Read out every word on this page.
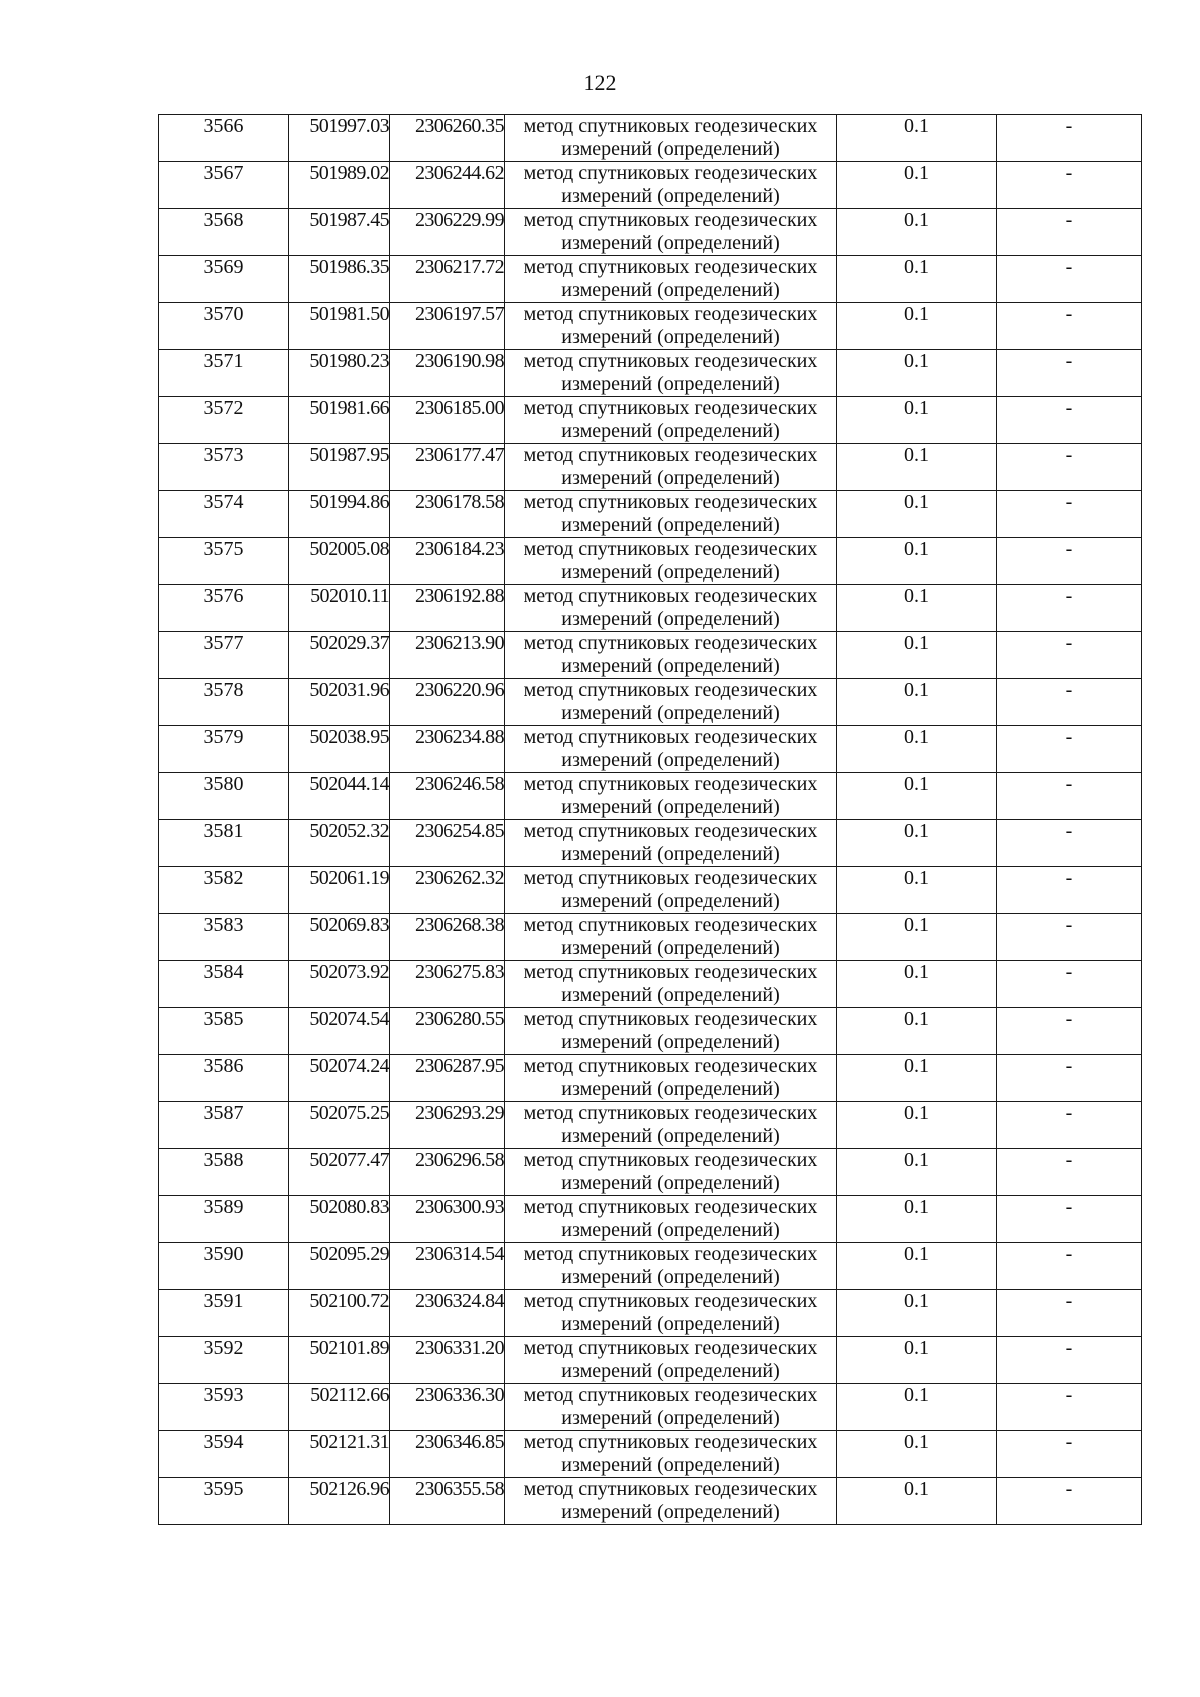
122
3566	501997.03	2306260.35	метод спутниковых геодезических
измерений (определений)	0.1	-
3567	501989.02	2306244.62	метод спутниковых геодезических
измерений (определений)	0.1	-
3568	501987.45	2306229.99	метод спутниковых геодезических
измерений (определений)	0.1	-
3569	501986.35	2306217.72	метод спутниковых геодезических
измерений (определений)	0.1	-
3570	501981.50	2306197.57	метод спутниковых геодезических
измерений (определений)	0.1	-
3571	501980.23	2306190.98	метод спутниковых геодезических
измерений (определений)	0.1	-
3572	501981.66	2306185.00	метод спутниковых геодезических
измерений (определений)	0.1	-
3573	501987.95	2306177.47	метод спутниковых геодезических
измерений (определений)	0.1	-
3574	501994.86	2306178.58	метод спутниковых геодезических
измерений (определений)	0.1	-
3575	502005.08	2306184.23	метод спутниковых геодезических
измерений (определений)	0.1	-
3576	502010.11	2306192.88	метод спутниковых геодезических
измерений (определений)	0.1	-
3577	502029.37	2306213.90	метод спутниковых геодезических
измерений (определений)	0.1	-
3578	502031.96	2306220.96	метод спутниковых геодезических
измерений (определений)	0.1	-
3579	502038.95	2306234.88	метод спутниковых геодезических
измерений (определений)	0.1	-
3580	502044.14	2306246.58	метод спутниковых геодезических
измерений (определений)	0.1	-
3581	502052.32	2306254.85	метод спутниковых геодезических
измерений (определений)	0.1	-
3582	502061.19	2306262.32	метод спутниковых геодезических
измерений (определений)	0.1	-
3583	502069.83	2306268.38	метод спутниковых геодезических
измерений (определений)	0.1	-
3584	502073.92	2306275.83	метод спутниковых геодезических
измерений (определений)	0.1	-
3585	502074.54	2306280.55	метод спутниковых геодезических
измерений (определений)	0.1	-
3586	502074.24	2306287.95	метод спутниковых геодезических
измерений (определений)	0.1	-
3587	502075.25	2306293.29	метод спутниковых геодезических
измерений (определений)	0.1	-
3588	502077.47	2306296.58	метод спутниковых геодезических
измерений (определений)	0.1	-
3589	502080.83	2306300.93	метод спутниковых геодезических
измерений (определений)	0.1	-
3590	502095.29	2306314.54	метод спутниковых геодезических
измерений (определений)	0.1	-
3591	502100.72	2306324.84	метод спутниковых геодезических
измерений (определений)	0.1	-
3592	502101.89	2306331.20	метод спутниковых геодезических
измерений (определений)	0.1	-
3593	502112.66	2306336.30	метод спутниковых геодезических
измерений (определений)	0.1	-
3594	502121.31	2306346.85	метод спутниковых геодезических
измерений (определений)	0.1	-
3595	502126.96	2306355.58	метод спутниковых геодезических
измерений (определений)	0.1	-
